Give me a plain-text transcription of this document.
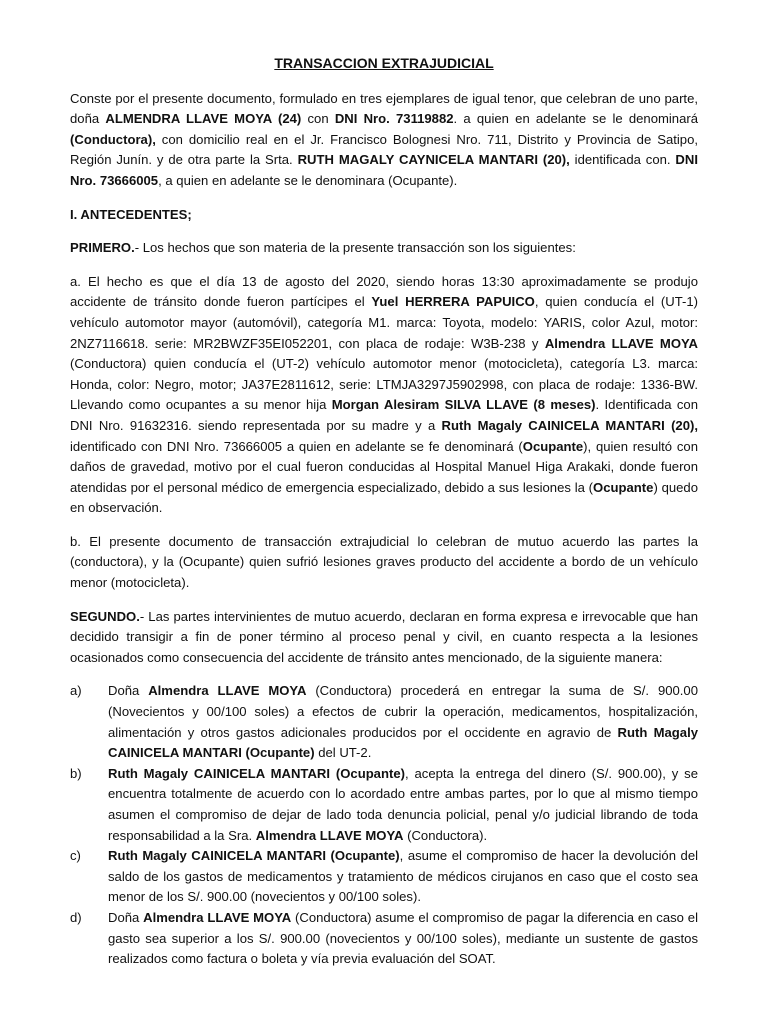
TRANSACCION EXTRAJUDICIAL

Conste por el presente documento, formulado en tres ejemplares de igual tenor, que celebran de uno parte, doña ALMENDRA LLAVE MOYA (24) con DNI Nro. 73119882. a quien en adelante se le denominará (Conductora), con domicilio real en el Jr. Francisco Bolognesi Nro. 711, Distrito y Provincia de Satipo, Región Junín. y de otra parte la Srta. RUTH MAGALY CAYNICELA MANTARI (20), identificada con. DNI Nro. 73666005, a quien en adelante se le denominara (Ocupante).

I. ANTECEDENTES;

PRIMERO.- Los hechos que son materia de la presente transacción son los siguientes:

a. El hecho es que el día 13 de agosto del 2020, siendo horas 13:30 aproximadamente se produjo accidente de tránsito donde fueron partícipes el Yuel HERRERA PAPUICO, quien conducía el (UT-1) vehículo automotor mayor (automóvil), categoría M1. marca: Toyota, modelo: YARIS, color Azul, motor: 2NZ7116618. serie: MR2BWZF35EI052201, con placa de rodaje: W3B-238 y Almendra LLAVE MOYA (Conductora) quien conducía el (UT-2) vehículo automotor menor (motocicleta), categoría L3. marca: Honda, color: Negro, motor; JA37E2811612, serie: LTMJA3297J5902998, con placa de rodaje: 1336-BW. Llevando como ocupantes a su menor hija Morgan Alesiram SILVA LLAVE (8 meses). Identificada con DNI Nro. 91632316. siendo representada por su madre y a Ruth Magaly CAINICELA MANTARI (20), identificado con DNI Nro. 73666005 a quien en adelante se fe denominará (Ocupante), quien resultó con daños de gravedad, motivo por el cual fueron conducidas al Hospital Manuel Higa Arakaki, donde fueron atendidas por el personal médico de emergencia especializado, debido a sus lesiones la (Ocupante) quedo en observación.

b. El presente documento de transacción extrajudicial lo celebran de mutuo acuerdo las partes la (conductora), y la (Ocupante) quien sufrió lesiones graves producto del accidente a bordo de un vehículo menor (motocicleta).

SEGUNDO.- Las partes intervinientes de mutuo acuerdo, declaran en forma expresa e irrevocable que han decidido transigir a fin de poner término al proceso penal y civil, en cuanto respecta a la lesiones ocasionados como consecuencia del accidente de tránsito antes mencionado, de la siguiente manera:

a) Doña Almendra LLAVE MOYA (Conductora) procederá en entregar la suma de S/. 900.00 (Novecientos y 00/100 soles) a efectos de cubrir la operación, medicamentos, hospitalización, alimentación y otros gastos adicionales producidos por el occidente en agravio de Ruth Magaly CAINICELA MANTARI (Ocupante) del UT-2.
b) Ruth Magaly CAINICELA MANTARI (Ocupante), acepta la entrega del dinero (S/. 900.00), y se encuentra totalmente de acuerdo con lo acordado entre ambas partes, por lo que al mismo tiempo asumen el compromiso de dejar de lado toda denuncia policial, penal y/o judicial librando de toda responsabilidad a la Sra. Almendra LLAVE MOYA (Conductora).
c) Ruth Magaly CAINICELA MANTARI (Ocupante), asume el compromiso de hacer la devolución del saldo de los gastos de medicamentos y tratamiento de médicos cirujanos en caso que el costo sea menor de los S/. 900.00 (novecientos y 00/100 soles).
d) Doña Almendra LLAVE MOYA (Conductora) asume el compromiso de pagar la diferencia en caso el gasto sea superior a los S/. 900.00 (novecientos y 00/100 soles), mediante un sustente de gastos realizados como factura o boleta y vía previa evaluación del SOAT.
